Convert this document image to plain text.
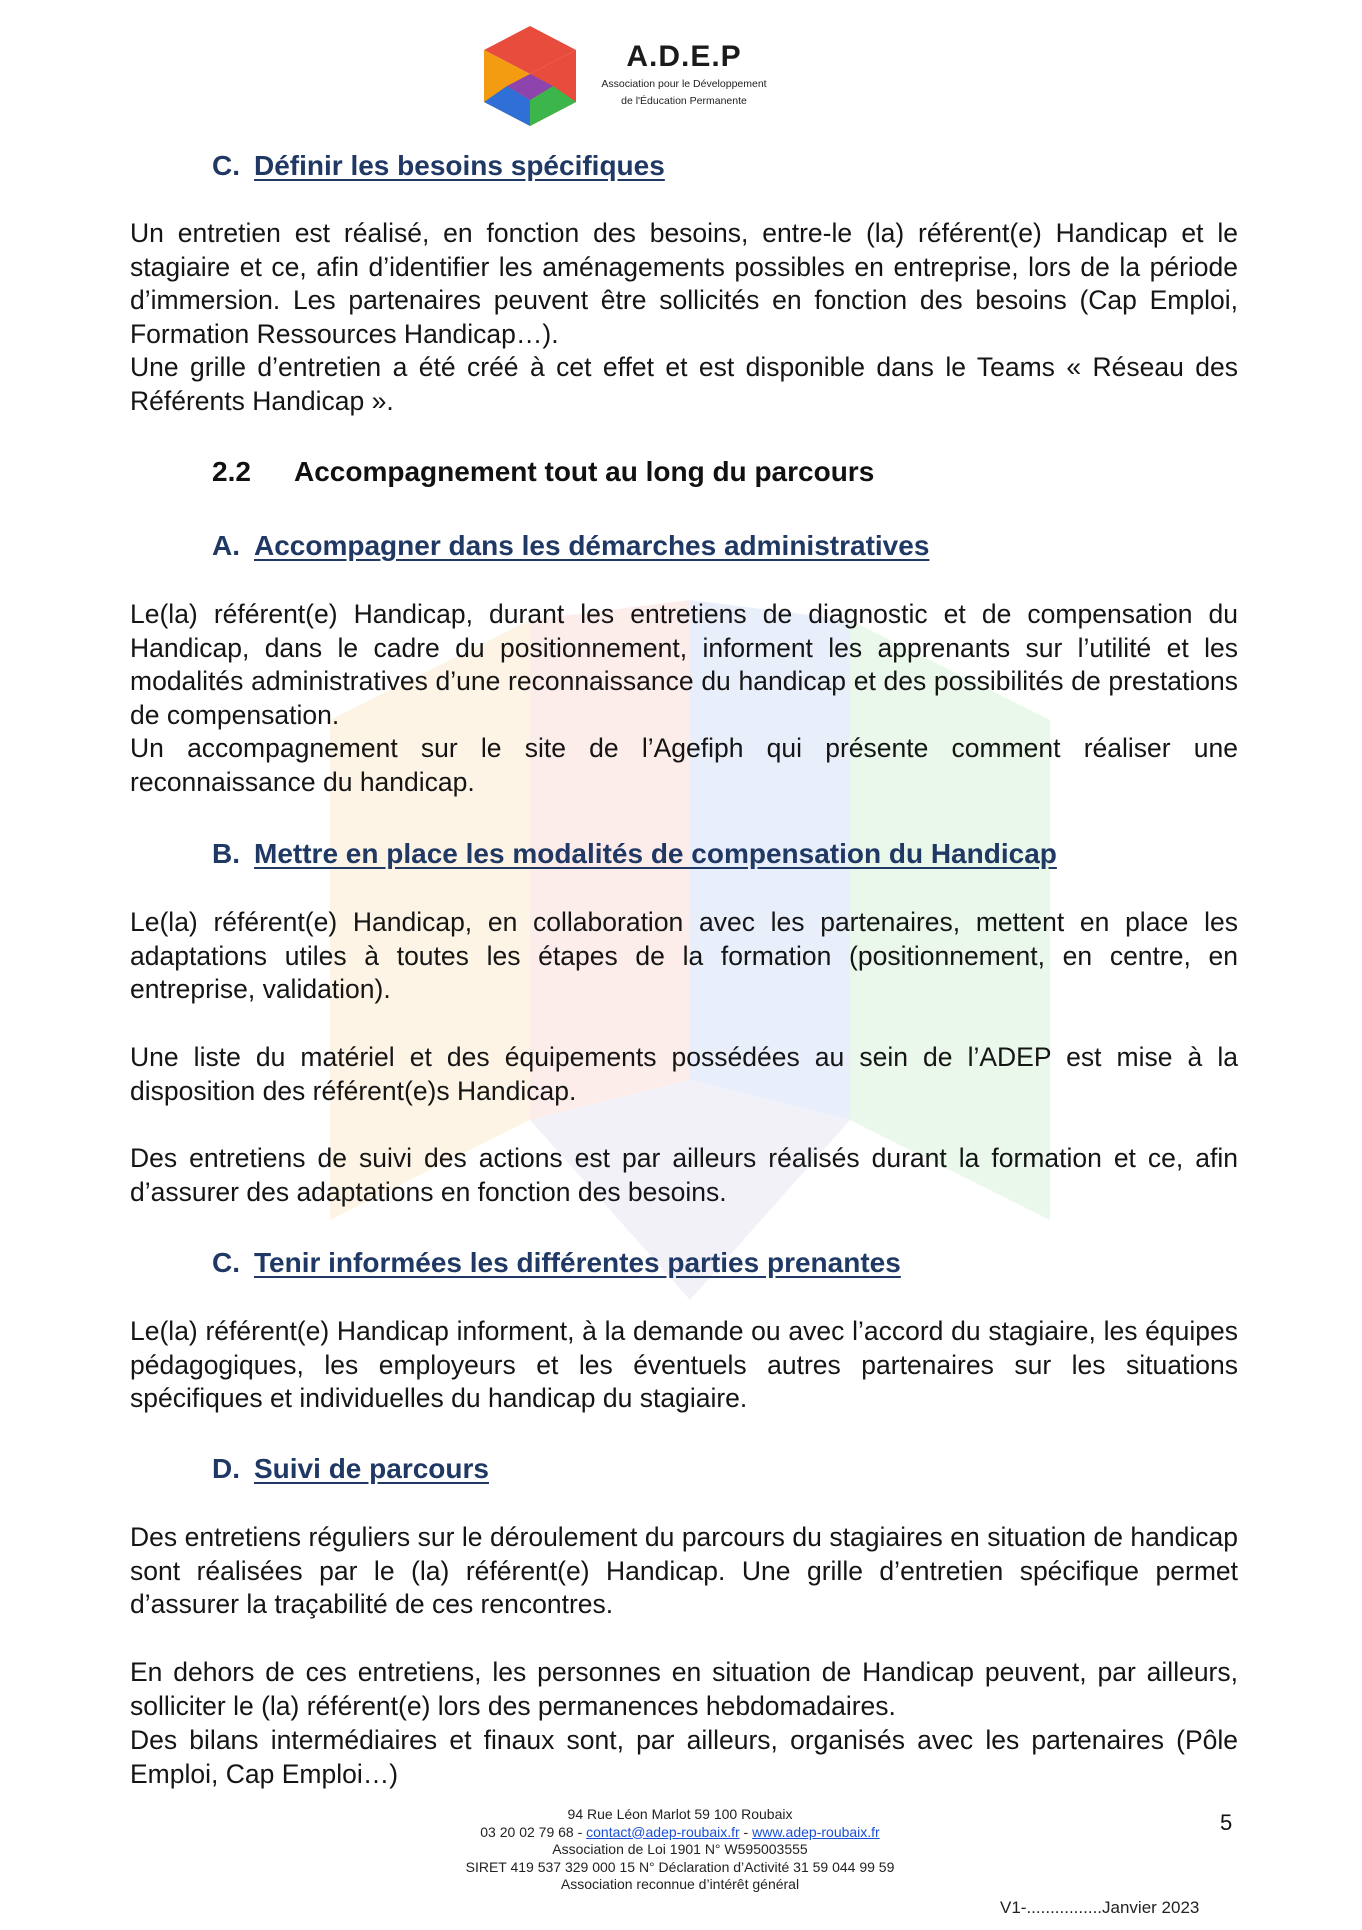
A.D.E.P
Association pour le Développement
de l'Éducation Permanente
C. Définir les besoins spécifiques

Un entretien est réalisé, en fonction des besoins, entre-le (la) référent(e) Handicap et le stagiaire et ce, afin d’identifier les aménagements possibles en entreprise, lors de la période d’immersion. Les partenaires peuvent être sollicités en fonction des besoins (Cap Emploi, Formation Ressources Handicap…).

Une grille d’entretien a été créé à cet effet et est disponible dans le Teams « Réseau des Référents Handicap ».

2.2 Accompagnement tout au long du parcours
A. Accompagner dans les démarches administratives

Le(la) référent(e) Handicap, durant les entretiens de diagnostic et de compensation du Handicap, dans le cadre du positionnement, informent les apprenants sur l’utilité et les modalités administratives d’une reconnaissance du handicap et des possibilités de prestations de compensation.

Un accompagnement sur le site de l’Agefiph qui présente comment réaliser une reconnaissance du handicap.

B. Mettre en place les modalités de compensation du Handicap

Le(la) référent(e) Handicap, en collaboration avec les partenaires, mettent en place les adaptations utiles à toutes les étapes de la formation (positionnement, en centre, en entreprise, validation).

Une liste du matériel et des équipements possédées au sein de l’ADEP est mise à la disposition des référent(e)s Handicap.

Des entretiens de suivi des actions est par ailleurs réalisés durant la formation et ce, afin d’assurer des adaptations en fonction des besoins.

C. Tenir informées les différentes parties prenantes

Le(la) référent(e) Handicap informent, à la demande ou avec l’accord du stagiaire, les équipes pédagogiques, les employeurs et les éventuels autres partenaires sur les situations spécifiques et individuelles du handicap du stagiaire.

D. Suivi de parcours

Des entretiens réguliers sur le déroulement du parcours du stagiaires en situation de handicap sont réalisées par le (la) référent(e) Handicap. Une grille d’entretien spécifique permet d’assurer la traçabilité de ces rencontres.

En dehors de ces entretiens, les personnes en situation de Handicap peuvent, par ailleurs, solliciter le (la) référent(e) lors des permanences hebdomadaires.

Des bilans intermédiaires et finaux sont, par ailleurs, organisés avec les partenaires (Pôle Emploi, Cap Emploi…)

94 Rue Léon Marlot 59 100 Roubaix
03 20 02 79 68 - contact@adep-roubaix.fr - www.adep-roubaix.fr
Association de Loi 1901 N° W595003555
SIRET 419 537 329 000 15 N° Déclaration d’Activité 31 59 044 99 59
Association reconnue d’intérêt général
5
V1-................Janvier 2023
